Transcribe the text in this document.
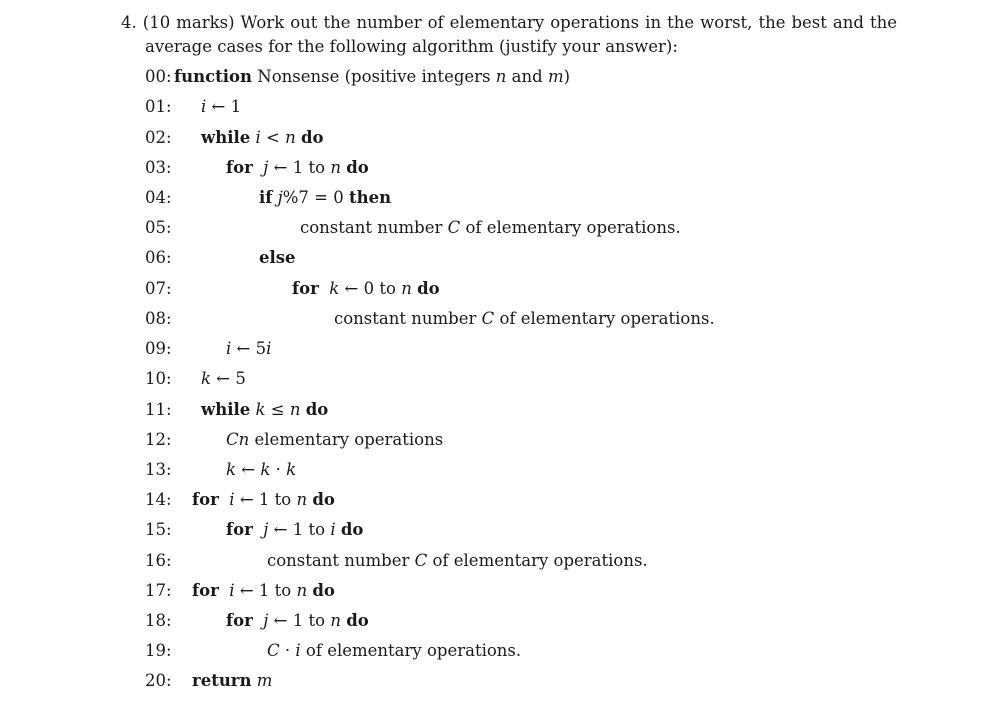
4. (10 marks) Work out the number of elementary operations in the worst, the best and the
average cases for the following algorithm (justify your answer):
00: function Nonsense (positive integers n and m)
01: i ← 1
02: while i < n do
03:	for j ← 1 to n do
04:	if j%7 = 0 then
05:	constant number C of elementary operations.
06:	else
07:	for k ← 0 to n do
08:	constant number C of elementary operations.
09:	i ← 5i
10: k ← 5
11: while k ≤ n do
12:	Cn elementary operations
13:	k ← k · k
14: for i ← 1 to n do
15:	for j ← 1 to i do
16:	constant number C of elementary operations.
17: for i ← 1 to n do
18:	for j ← 1 to n do
19:	C · i of elementary operations.
20: return m
